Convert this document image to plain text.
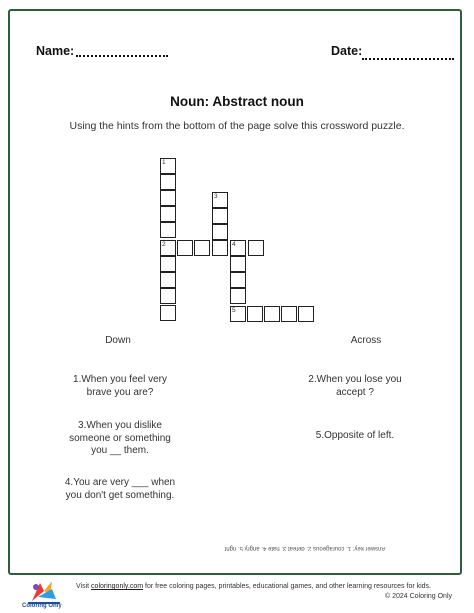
Name:	Date:
Noun: Abstract noun
Using the hints from the bottom of the page solve this crossword puzzle.
1
2	4
3
5
Down	Across
1.When you feel very
brave you are?
3.When you dislike
someone or something
you __ them.
4.You are very ___ when
you don't get something.
2.When you lose you
accept ?
5.Opposite of left.
Answer key: 1. courageous 2. defeat 3. hate 4. angry 5. right
Coloring Only
Visit coloringonly.com for free coloring pages, printables, educational games, and other learning resources for kids.
© 2024 Coloring Only
